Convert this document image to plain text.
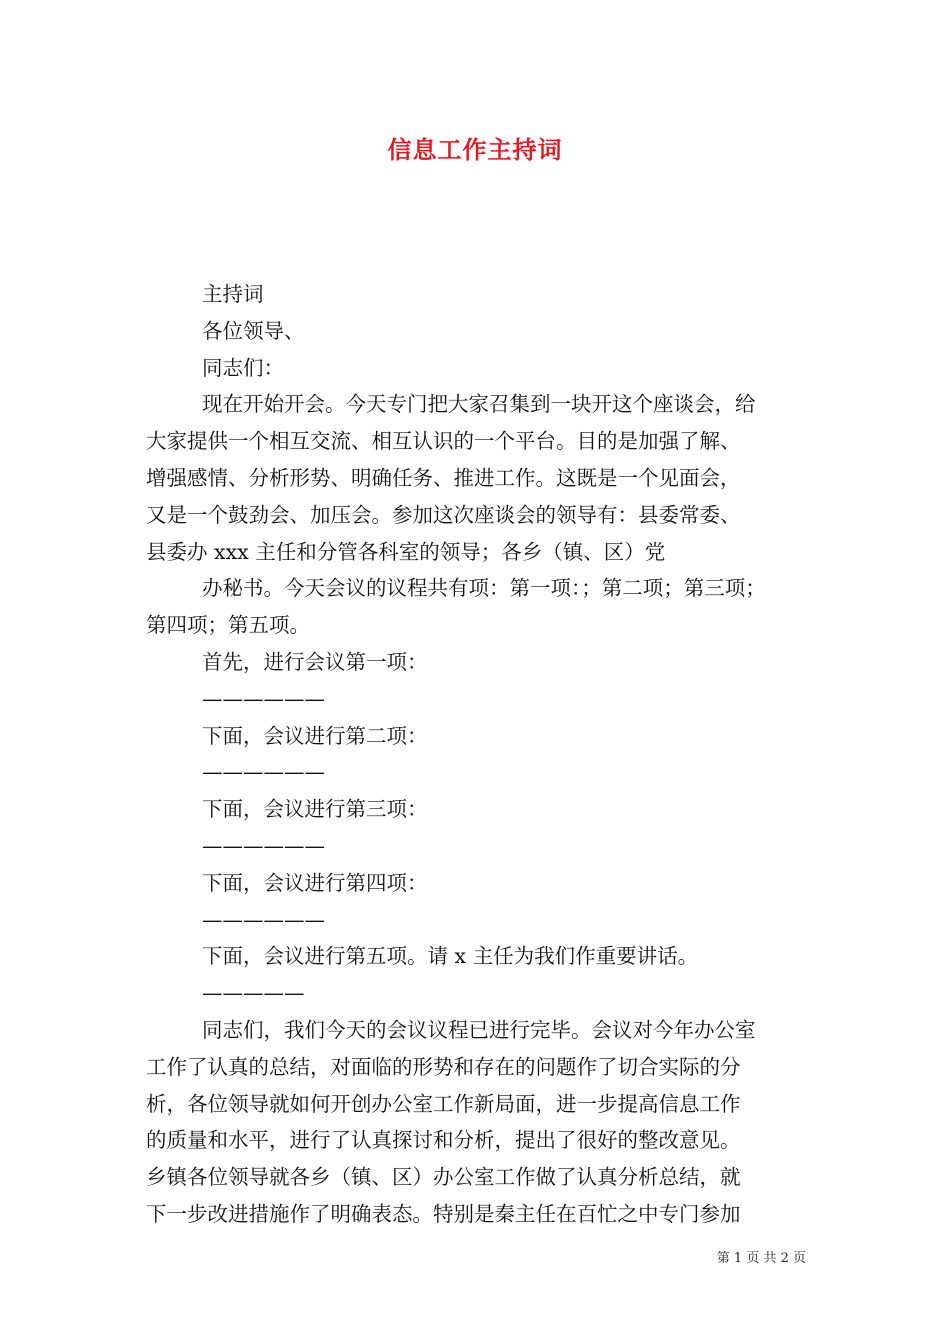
信息工作主持词
主持词
各位领导、
同志们：
现在开始开会。今天专门把大家召集到一块开这个座谈会，给
大家提供一个相互交流、相互认识的一个平台。目的是加强了解、
增强感情、分析形势、明确任务、推进工作。这既是一个见面会，
又是一个鼓劲会、加压会。参加这次座谈会的领导有：县委常委、
县委办 xxx 主任和分管各科室的领导；各乡（镇、区）党
办秘书。今天会议的议程共有项：第一项：；第二项；第三项；
第四项；第五项。
首先，进行会议第一项：
——————
下面，会议进行第二项：
——————
下面，会议进行第三项：
——————
下面，会议进行第四项：
——————
下面，会议进行第五项。请 x 主任为我们作重要讲话。
—————
同志们，我们今天的会议议程已进行完毕。会议对今年办公室
工作了认真的总结，对面临的形势和存在的问题作了切合实际的分
析，各位领导就如何开创办公室工作新局面，进一步提高信息工作
的质量和水平，进行了认真探讨和分析，提出了很好的整改意见。
乡镇各位领导就各乡（镇、区）办公室工作做了认真分析总结，就
下一步改进措施作了明确表态。特别是秦主任在百忙之中专门参加
第 1 页 共 2 页
